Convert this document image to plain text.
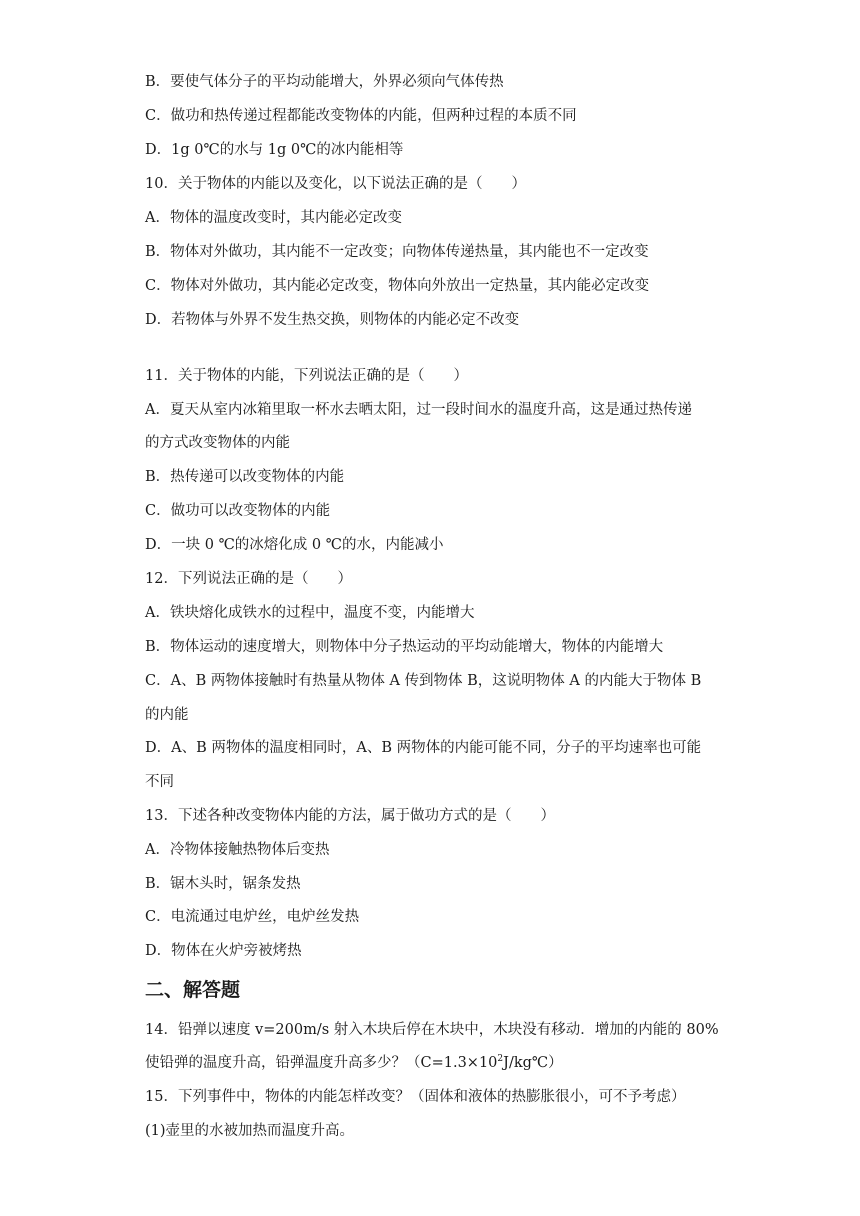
B．要使气体分子的平均动能增大，外界必须向气体传热
C．做功和热传递过程都能改变物体的内能，但两种过程的本质不同
D．1g 0℃的水与 1g 0℃的冰内能相等
10．关于物体的内能以及变化，以下说法正确的是（　　）
A．物体的温度改变时，其内能必定改变
B．物体对外做功，其内能不一定改变；向物体传递热量，其内能也不一定改变
C．物体对外做功，其内能必定改变，物体向外放出一定热量，其内能必定改变
D．若物体与外界不发生热交换，则物体的内能必定不改变
11．关于物体的内能，下列说法正确的是（　　）
A．夏天从室内冰箱里取一杯水去晒太阳，过一段时间水的温度升高，这是通过热传递
的方式改变物体的内能
B．热传递可以改变物体的内能
C．做功可以改变物体的内能
D．一块 0 ℃的冰熔化成 0 ℃的水，内能减小
12．下列说法正确的是（　　）
A．铁块熔化成铁水的过程中，温度不变，内能增大
B．物体运动的速度增大，则物体中分子热运动的平均动能增大，物体的内能增大
C．A、B 两物体接触时有热量从物体 A 传到物体 B，这说明物体 A 的内能大于物体 B
的内能
D．A、B 两物体的温度相同时，A、B 两物体的内能可能不同，分子的平均速率也可能
不同
13．下述各种改变物体内能的方法，属于做功方式的是（　　）
A．冷物体接触热物体后变热
B．锯木头时，锯条发热
C．电流通过电炉丝，电炉丝发热
D．物体在火炉旁被烤热
二、解答题
14．铅弹以速度 v=200m/s 射入木块后停在木块中，木块没有移动．增加的内能的 80%
使铅弹的温度升高，铅弹温度升高多少？$(C=1.3\times 10^2J/kg℃)$
15．下列事件中，物体的内能怎样改变？（固体和液体的热膨胀很小，可不予考虑）
(1)壶里的水被加热而温度升高。
